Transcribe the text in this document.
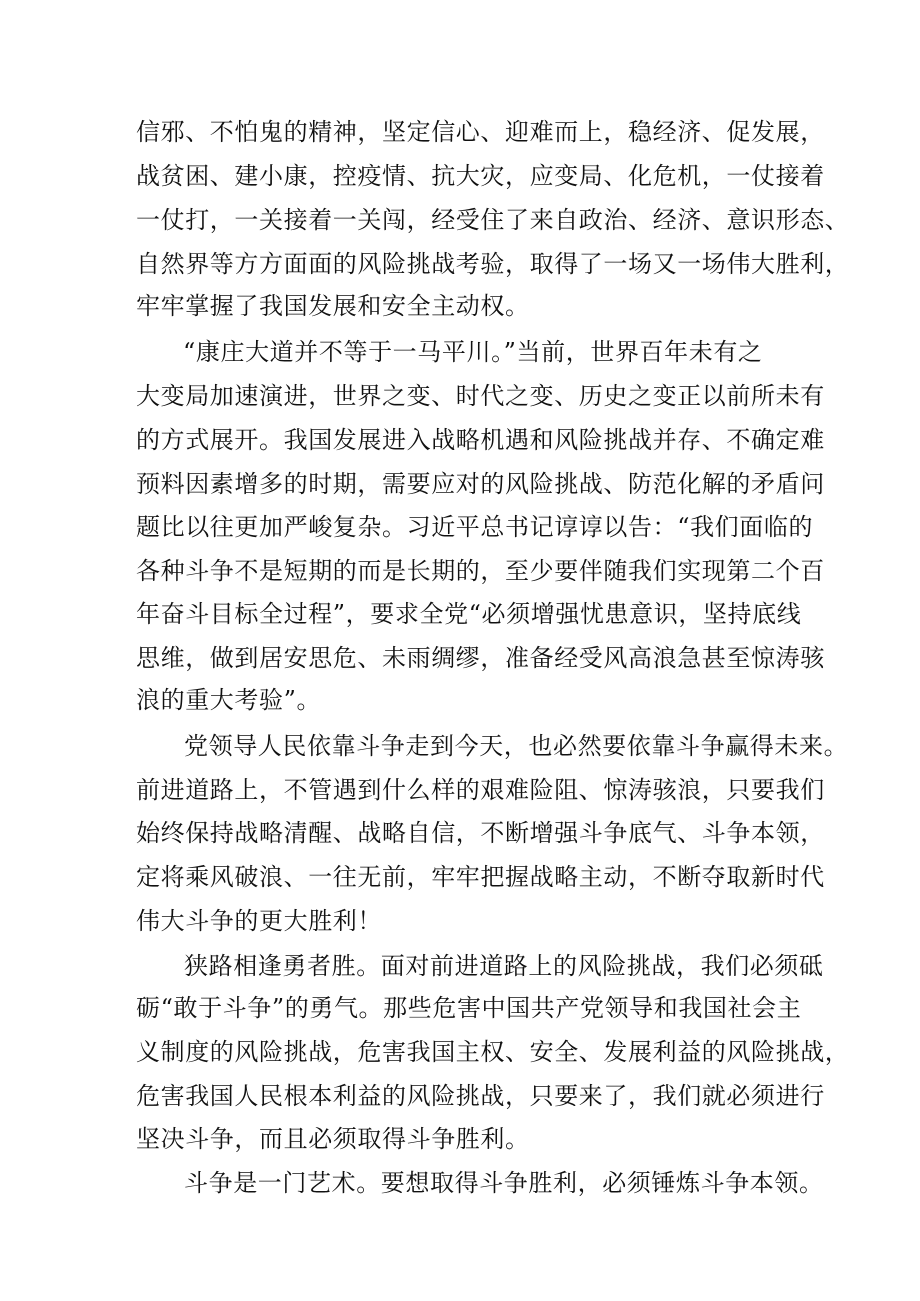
信邪、不怕鬼的精神，坚定信心、迎难而上，稳经济、促发展，
战贫困、建小康，控疫情、抗大灾，应变局、化危机，一仗接着
一仗打，一关接着一关闯，经受住了来自政治、经济、意识形态、
自然界等方方面面的风险挑战考验，取得了一场又一场伟大胜利，
牢牢掌握了我国发展和安全主动权。
“康庄大道并不等于一马平川。”当前，世界百年未有之
大变局加速演进，世界之变、时代之变、历史之变正以前所未有
的方式展开。我国发展进入战略机遇和风险挑战并存、不确定难
预料因素增多的时期，需要应对的风险挑战、防范化解的矛盾问
题比以往更加严峻复杂。习近平总书记谆谆以告：“我们面临的
各种斗争不是短期的而是长期的，至少要伴随我们实现第二个百
年奋斗目标全过程”，要求全党“必须增强忧患意识，坚持底线
思维，做到居安思危、未雨绸缪，准备经受风高浪急甚至惊涛骇
浪的重大考验”。
党领导人民依靠斗争走到今天，也必然要依靠斗争赢得未来。
前进道路上，不管遇到什么样的艰难险阻、惊涛骇浪，只要我们
始终保持战略清醒、战略自信，不断增强斗争底气、斗争本领，
定将乘风破浪、一往无前，牢牢把握战略主动，不断夺取新时代
伟大斗争的更大胜利！
狭路相逢勇者胜。面对前进道路上的风险挑战，我们必须砥
砺“敢于斗争”的勇气。那些危害中国共产党领导和我国社会主
义制度的风险挑战，危害我国主权、安全、发展利益的风险挑战，
危害我国人民根本利益的风险挑战，只要来了，我们就必须进行
坚决斗争，而且必须取得斗争胜利。
斗争是一门艺术。要想取得斗争胜利，必须锤炼斗争本领。
